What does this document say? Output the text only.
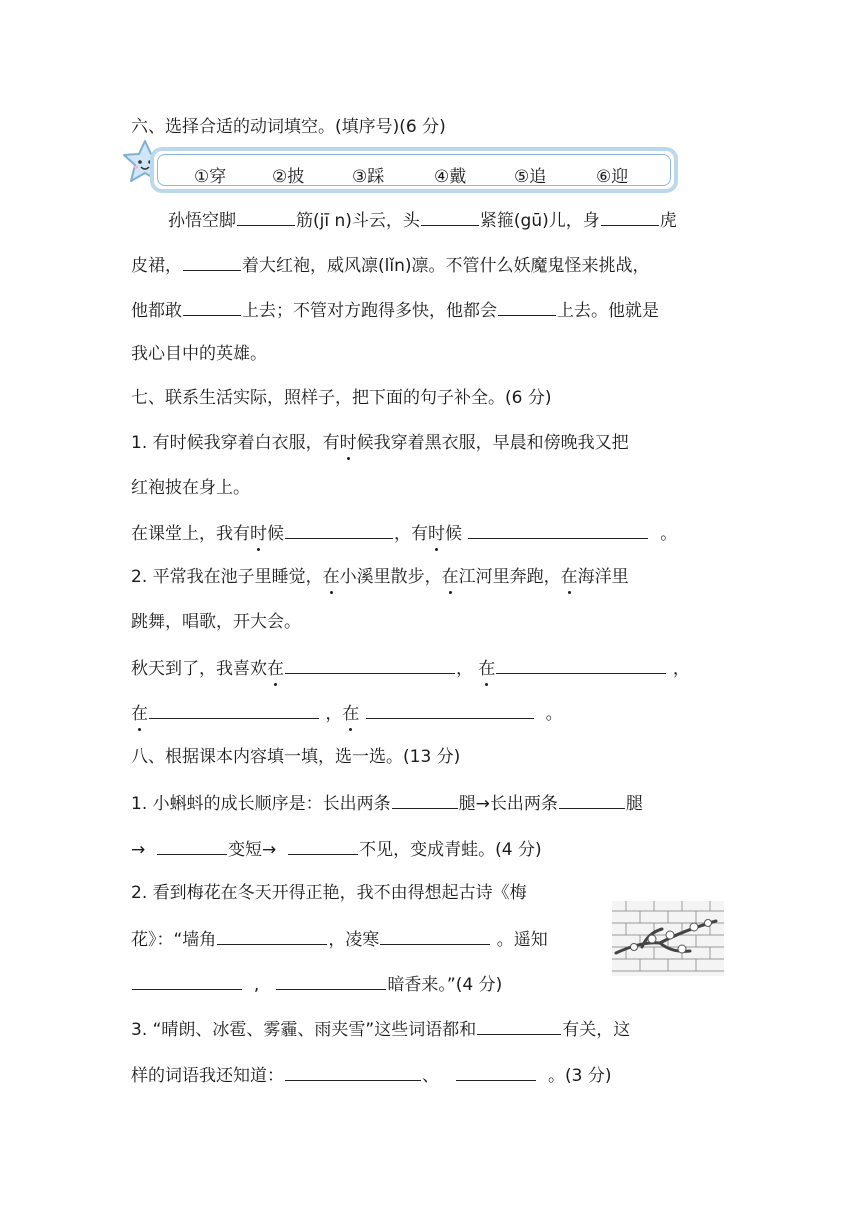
六、选择合适的动词填空。(填序号)(6 分)
①穿	②披	③踩	④戴	⑤追	⑥迎
孙悟空脚	筋(jī n)斗云，头	紧箍(gū)儿，身	虎
皮裙，	着大红袍，威风凛(lǐn)凛。不管什么妖魔鬼怪来挑战，
他都敢	上去；不管对方跑得多快，他都会	上去。他就是
我心目中的英雄。
七、联系生活实际，照样子，把下面的句子补全。(6 分)
1. 有时候我穿着白衣服，有时候我穿着黑衣服，早晨和傍晚我又把
红袍披在身上。
在课堂上，我有时候	，有时候	。
2. 平常我在池子里睡觉，在小溪里散步，在江河里奔跑，在海洋里
跳舞，唱歌，开大会。
秋天到了，我喜欢在	， 在	，
在	，在	。
八、根据课本内容填一填，选一选。(13 分)
1. 小蝌蚪的成长顺序是：长出两条	腿→长出两条	腿
→	变短→	不见，变成青蛙。(4 分)
2. 看到梅花在冬天开得正艳，我不由得想起古诗《梅
花》：“墙角	，凌寒	。遥知
,	暗香来。”(4 分)
3. “晴朗、冰雹、雾霾、雨夹雪”这些词语都和	有关，这
样的词语我还知道：	、	。(3 分)
